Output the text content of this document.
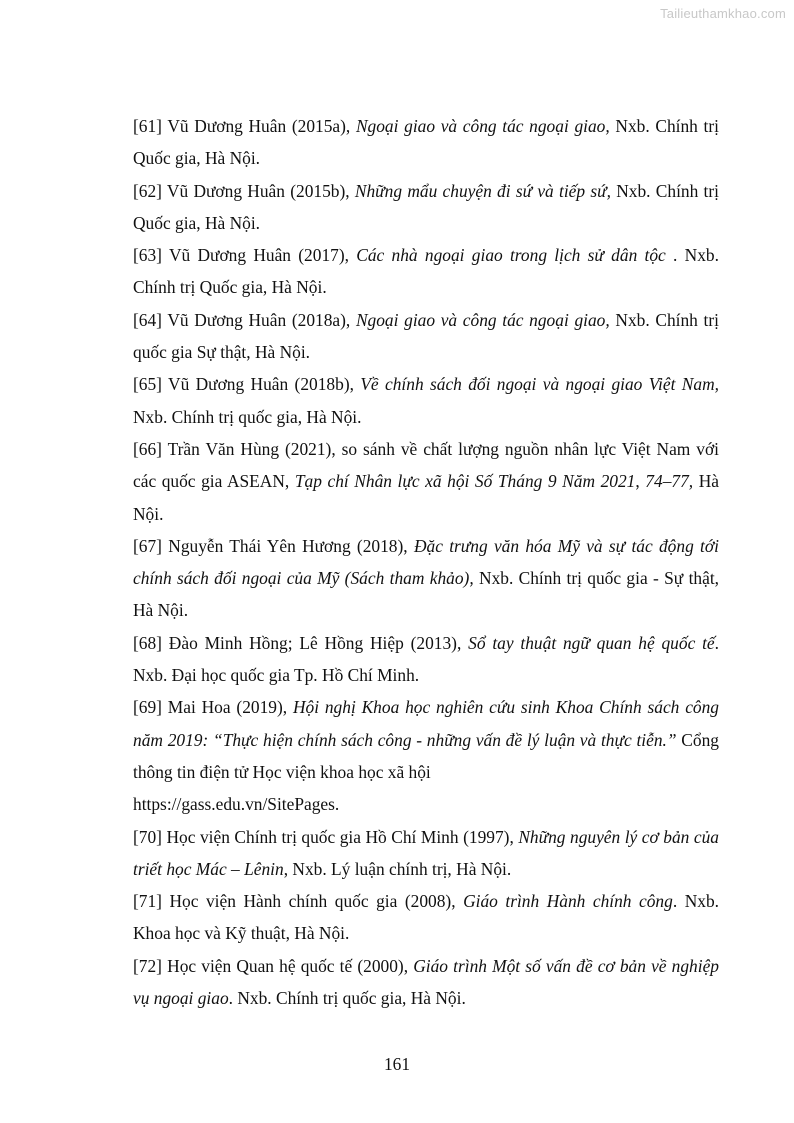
Tailieuthamkhao.com

[61] Vũ Dương Huân (2015a), Ngoại giao và công tác ngoại giao, Nxb. Chính trị Quốc gia, Hà Nội.

[62] Vũ Dương Huân (2015b), Những mẩu chuyện đi sứ và tiếp sứ, Nxb. Chính trị Quốc gia, Hà Nội.

[63] Vũ Dương Huân (2017), Các nhà ngoại giao trong lịch sử dân tộc . Nxb. Chính trị Quốc gia, Hà Nội.

[64] Vũ Dương Huân (2018a), Ngoại giao và công tác ngoại giao, Nxb. Chính trị quốc gia Sự thật, Hà Nội.

[65] Vũ Dương Huân (2018b), Về chính sách đối ngoại và ngoại giao Việt Nam, Nxb. Chính trị quốc gia, Hà Nội.

[66] Trần Văn Hùng (2021), so sánh về chất lượng nguồn nhân lực Việt Nam với các quốc gia ASEAN, Tạp chí Nhân lực xã hội Số Tháng 9 Năm 2021, 74–77, Hà Nội.

[67] Nguyễn Thái Yên Hương (2018), Đặc trưng văn hóa Mỹ và sự tác động tới chính sách đối ngoại của Mỹ (Sách tham khảo), Nxb. Chính trị quốc gia - Sự thật, Hà Nội.

[68] Đào Minh Hồng; Lê Hồng Hiệp (2013), Sổ tay thuật ngữ quan hệ quốc tế. Nxb. Đại học quốc gia Tp. Hồ Chí Minh.

[69] Mai Hoa (2019), Hội nghị Khoa học nghiên cứu sinh Khoa Chính sách công năm 2019: “Thực hiện chính sách công - những vấn đề lý luận và thực tiễn.” Cổng thông tin điện tử Học viện khoa học xã hội
https://gass.edu.vn/SitePages.

[70] Học viện Chính trị quốc gia Hồ Chí Minh (1997), Những nguyên lý cơ bản của triết học Mác – Lênin, Nxb. Lý luận chính trị, Hà Nội.

[71] Học viện Hành chính quốc gia (2008), Giáo trình Hành chính công. Nxb. Khoa học và Kỹ thuật, Hà Nội.

[72] Học viện Quan hệ quốc tế (2000), Giáo trình Một số vấn đề cơ bản về nghiệp vụ ngoại giao. Nxb. Chính trị quốc gia, Hà Nội.

161
